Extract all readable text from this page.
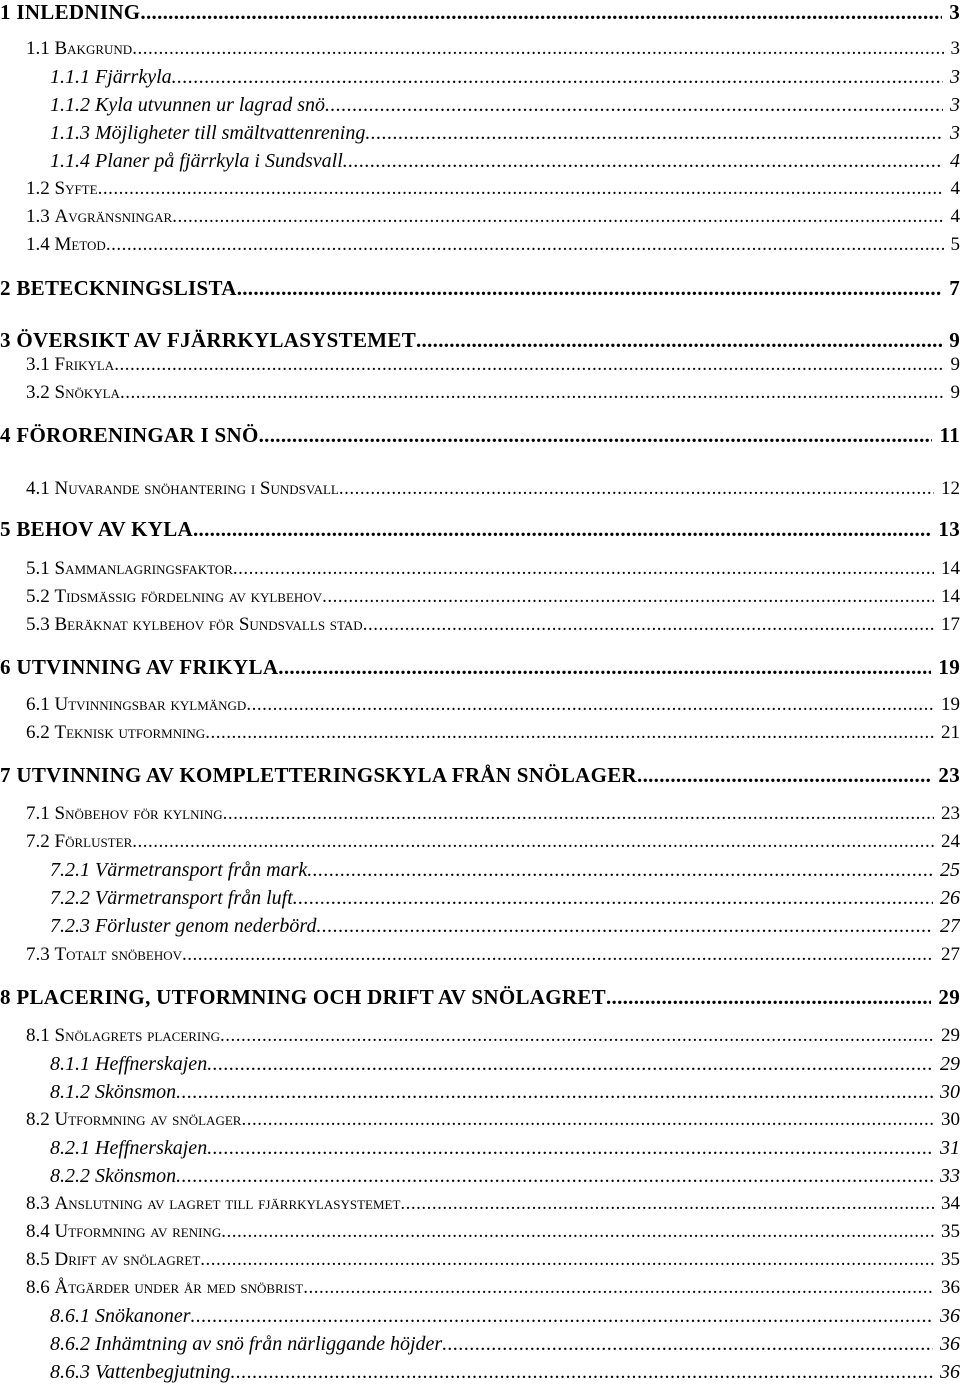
1 INLEDNING .....	3
1.1 Bakgrund .....	3
1.1.1 Fjärrkyla .....	3
1.1.2 Kyla utvunnen ur lagrad snö .....	3
1.1.3 Möjligheter till smältvattenrening .....	3
1.1.4 Planer på fjärrkyla i Sundsvall .....	4
1.2 Syfte .....	4
1.3 Avgränsningar .....	4
1.4 Metod .....	5
2 BETECKNINGSLISTA .....	7
3 ÖVERSIKT AV FJÄRRKYLASYSTEMET .....	9
3.1 Frikyla .....	9
3.2 Snökyla .....	9
4 FÖRORENINGAR I SNÖ .....	11
4.1 Nuvarande snöhantering i Sundsvall .....	12
5 BEHOV AV KYLA .....	13
5.1 Sammanlagringsfaktor .....	14
5.2 Tidsmässig fördelning av kylbehov .....	14
5.3 Beräknat kylbehov för Sundsvalls stad .....	17
6 UTVINNING AV FRIKYLA .....	19
6.1 Utvinningsbar kylmängd .....	19
6.2 Teknisk utformning .....	21
7 UTVINNING AV KOMPLETTERINGSKYLA FRÅN SNÖLAGER .....	23
7.1 Snöbehov för kylning .....	23
7.2 Förluster .....	24
7.2.1 Värmetransport från mark .....	25
7.2.2 Värmetransport från luft .....	26
7.2.3 Förluster genom nederbörd .....	27
7.3 Totalt snöbehov .....	27
8 PLACERING, UTFORMNING OCH DRIFT AV SNÖLAGRET .....	29
8.1 Snölagrets placering .....	29
8.1.1 Heffnerskajen .....	29
8.1.2 Skönsmon .....	30
8.2 Utformning av snölager .....	30
8.2.1 Heffnerskajen .....	31
8.2.2 Skönsmon .....	33
8.3 Anslutning av lagret till fjärrkylasystemet .....	34
8.4 Utformning av rening .....	35
8.5 Drift av snölagret .....	35
8.6 Åtgärder under år med snöbrist .....	36
8.6.1 Snökanoner .....	36
8.6.2 Inhämtning av snö från närliggande höjder .....	36
8.6.3 Vattenbegjutning .....	36
